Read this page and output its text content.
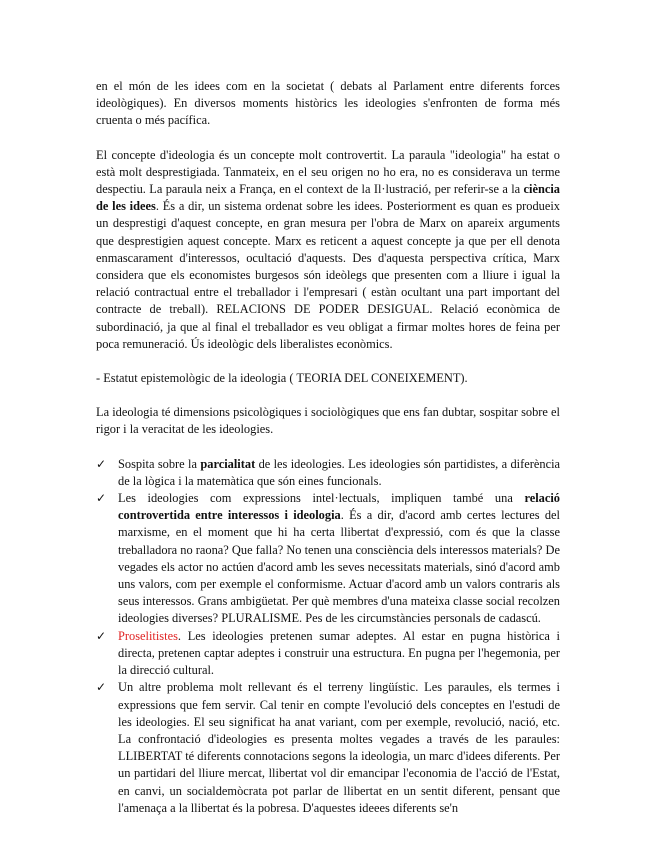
en el món de les idees com en la societat ( debats al Parlament entre diferents forces ideològiques). En diversos moments històrics les ideologies s'enfronten de forma més cruenta o més pacífica.

El concepte d'ideologia és un concepte molt controvertit. La paraula "ideologia" ha estat o està molt desprestigiada. Tanmateix, en el seu origen no ho era, no es considerava un terme despectiu. La paraula neix a França, en el context de la Il·lustració, per referir-se a la ciència de les idees. És a dir, un sistema ordenat sobre les idees. Posteriorment es quan es produeix un desprestigi d'aquest concepte, en gran mesura per l'obra de Marx on apareix arguments que desprestigien aquest concepte. Marx es reticent a aquest concepte ja que per ell denota enmascarament d'interessos, ocultació d'aquests. Des d'aquesta perspectiva crítica, Marx considera que els economistes burgesos són ideòlegs que presenten com a lliure i igual la relació contractual entre el treballador i l'empresari ( estàn ocultant una part important del contracte de treball). RELACIONS DE PODER DESIGUAL. Relació econòmica de subordinació, ja que al final el treballador es veu obligat a firmar moltes hores de feina per poca remuneració. Ús ideològic dels liberalistes econòmics.

- Estatut epistemològic de la ideologia ( TEORIA DEL CONEIXEMENT).

La ideologia té dimensions psicològiques i sociològiques que ens fan dubtar, sospitar sobre el rigor i la veracitat de les ideologies.

✓ Sospita sobre la parcialitat de les ideologies. Les ideologies són partidistes, a diferència de la lògica i la matemàtica que són eines funcionals.
✓ Les ideologies com expressions intel·lectuals, impliquen també una relació controvertida entre interessos i ideologia. És a dir, d'acord amb certes lectures del marxisme, en el moment que hi ha certa llibertat d'expressió, com és que la classe treballadora no raona? Que falla? No tenen una consciència dels interessos materials? De vegades els actor no actúen d'acord amb les seves necessitats materials, sinó d'acord amb uns valors, com per exemple el conformisme. Actuar d'acord amb un valors contraris als seus interessos. Grans ambigüetat. Per què membres d'una mateixa classe social recolzen ideologies diverses? PLURALISME. Pes de les circumstàncies personals de cadascú.
✓ Proselitistes. Les ideologies pretenen sumar adeptes. Al estar en pugna històrica i directa, pretenen captar adeptes i construir una estructura. En pugna per l'hegemonia, per la direcció cultural.
✓ Un altre problema molt rellevant és el terreny lingüístic. Les paraules, els termes i expressions que fem servir. Cal tenir en compte l'evolució dels conceptes en l'estudi de les ideologies. El seu significat ha anat variant, com per exemple, revolució, nació, etc. La confrontació d'ideologies es presenta moltes vegades a través de les paraules: LLIBERTAT té diferents connotacions segons la ideologia, un marc d'idees diferents. Per un partidari del lliure mercat, llibertat vol dir emancipar l'economia de l'acció de l'Estat, en canvi, un socialdemòcrata pot parlar de llibertat en un sentit diferent, pensant que l'amenaça a la llibertat és la pobresa. D'aquestes ideees diferents se'n
